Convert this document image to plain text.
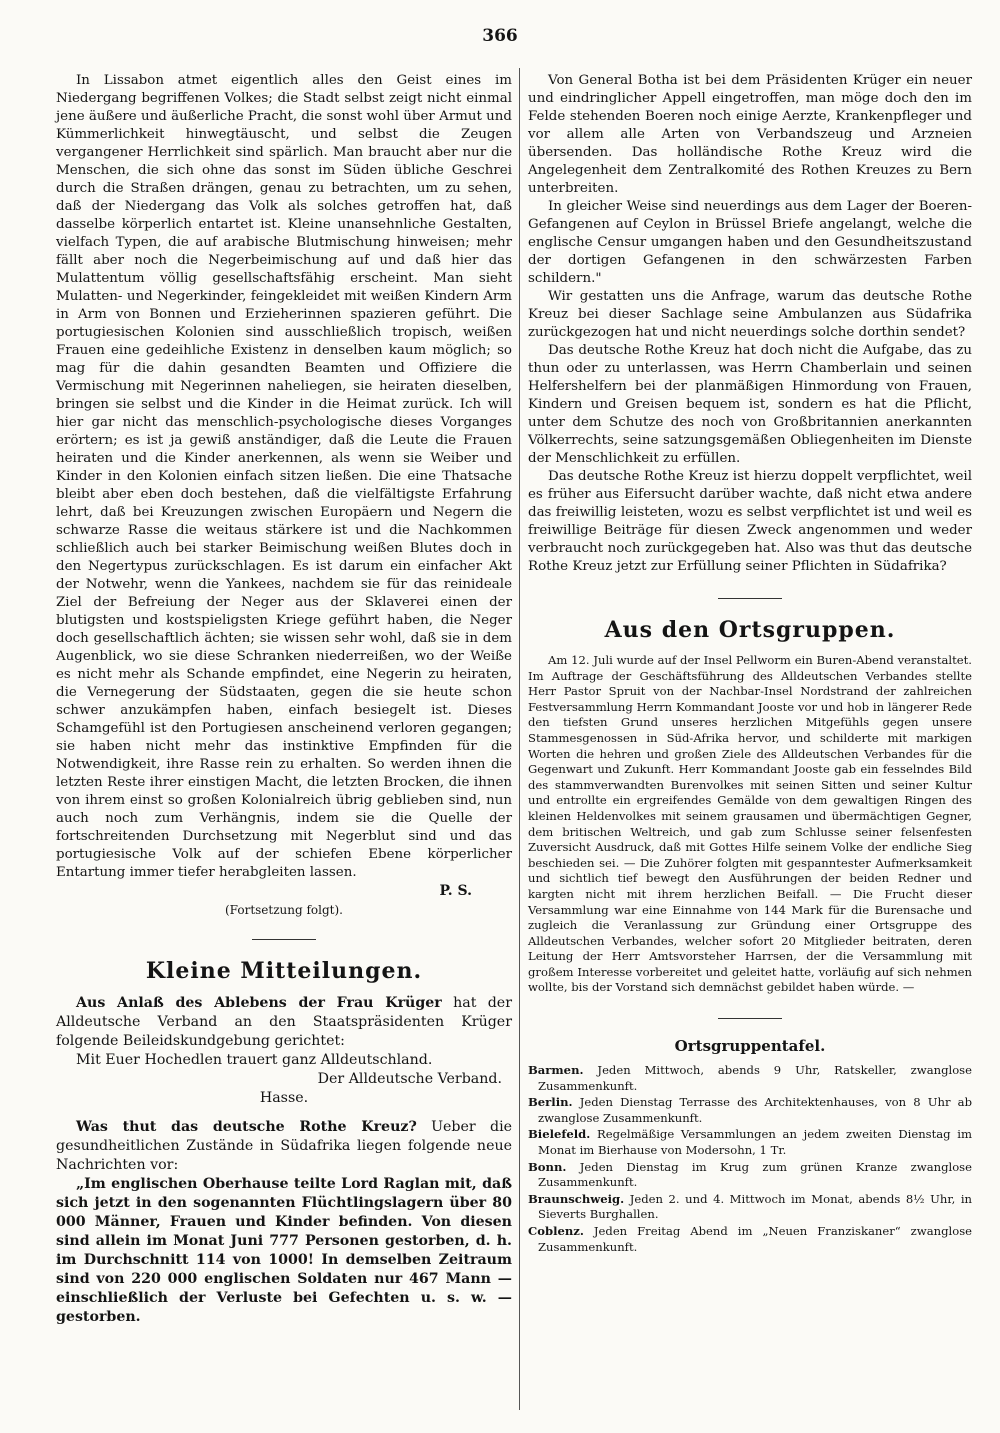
366

In Lissabon atmet eigentlich alles den Geist eines im Niedergang begriffenen Volkes; die Stadt selbst zeigt nicht einmal jene äußere und äußerliche Pracht, die sonst wohl über Armut und Kümmerlichkeit hinwegtäuscht, und selbst die Zeugen vergangener Herrlichkeit sind spärlich. Man braucht aber nur die Menschen, die sich ohne das sonst im Süden übliche Geschrei durch die Straßen drängen, genau zu betrachten, um zu sehen, daß der Niedergang das Volk als solches getroffen hat, daß dasselbe körperlich entartet ist. Kleine unansehnliche Gestalten, vielfach Typen, die auf arabische Blutmischung hinweisen; mehr fällt aber noch die Negerbeimischung auf und daß hier das Mulattentum völlig gesellschaftsfähig erscheint. Man sieht Mulatten- und Negerkinder, feingekleidet mit weißen Kindern Arm in Arm von Bonnen und Erzieherinnen spazieren geführt. Die portugiesischen Kolonien sind ausschließlich tropisch, weißen Frauen eine gedeihliche Existenz in denselben kaum möglich; so mag für die dahin gesandten Beamten und Offiziere die Vermischung mit Negerinnen naheliegen, sie heiraten dieselben, bringen sie selbst und die Kinder in die Heimat zurück. Ich will hier gar nicht das menschlich-psychologische dieses Vorganges erörtern; es ist ja gewiß anständiger, daß die Leute die Frauen heiraten und die Kinder anerkennen, als wenn sie Weiber und Kinder in den Kolonien einfach sitzen ließen. Die eine Thatsache bleibt aber eben doch bestehen, daß die vielfältigste Erfahrung lehrt, daß bei Kreuzungen zwischen Europäern und Negern die schwarze Rasse die weitaus stärkere ist und die Nachkommen schließlich auch bei starker Beimischung weißen Blutes doch in den Negertypus zurückschlagen. Es ist darum ein einfacher Akt der Notwehr, wenn die Yankees, nachdem sie für das reinideale Ziel der Befreiung der Neger aus der Sklaverei einen der blutigsten und kostspieligsten Kriege geführt haben, die Neger doch gesellschaftlich ächten; sie wissen sehr wohl, daß sie in dem Augenblick, wo sie diese Schranken niederreißen, wo der Weiße es nicht mehr als Schande empfindet, eine Negerin zu heiraten, die Vernegerung der Südstaaten, gegen die sie heute schon schwer anzukämpfen haben, einfach besiegelt ist. Dieses Schamgefühl ist den Portugiesen anscheinend verloren gegangen; sie haben nicht mehr das instinktive Empfinden für die Notwendigkeit, ihre Rasse rein zu erhalten. So werden ihnen die letzten Reste ihrer einstigen Macht, die letzten Brocken, die ihnen von ihrem einst so großen Kolonialreich übrig geblieben sind, nun auch noch zum Verhängnis, indem sie die Quelle der fortschreitenden Durchsetzung mit Negerblut sind und das portugiesische Volk auf der schiefen Ebene körperlicher Entartung immer tiefer herabgleiten lassen.

P. S.
(Fortsetzung folgt).
Kleine Mitteilungen.

Aus Anlaß des Ablebens der Frau Krüger hat der Alldeutsche Verband an den Staatspräsidenten Krüger folgende Beileidskundgebung gerichtet:

Mit Euer Hochedlen trauert ganz Alldeutschland.

Der Alldeutsche Verband.

Hasse.

Was thut das deutsche Rothe Kreuz? Ueber die gesundheitlichen Zustände in Südafrika liegen folgende neue Nachrichten vor:

„Im englischen Oberhause teilte Lord Raglan mit, daß sich jetzt in den sogenannten Flüchtlingslagern über 80 000 Männer, Frauen und Kinder befinden. Von diesen sind allein im Monat Juni 777 Personen gestorben, d. h. im Durchschnitt 114 von 1000! In demselben Zeitraum sind von 220 000 englischen Soldaten nur 467 Mann — einschließlich der Verluste bei Gefechten u. s. w. — gestorben.

Von General Botha ist bei dem Präsidenten Krüger ein neuer und eindringlicher Appell eingetroffen, man möge doch den im Felde stehenden Boeren noch einige Aerzte, Krankenpfleger und vor allem alle Arten von Verbandszeug und Arzneien übersenden. Das holländische Rothe Kreuz wird die Angelegenheit dem Zentralkomité des Rothen Kreuzes zu Bern unterbreiten.

In gleicher Weise sind neuerdings aus dem Lager der Boeren-Gefangenen auf Ceylon in Brüssel Briefe angelangt, welche die englische Censur umgangen haben und den Gesundheitszustand der dortigen Gefangenen in den schwärzesten Farben schildern."

Wir gestatten uns die Anfrage, warum das deutsche Rothe Kreuz bei dieser Sachlage seine Ambulanzen aus Südafrika zurückgezogen hat und nicht neuerdings solche dorthin sendet?

Das deutsche Rothe Kreuz hat doch nicht die Aufgabe, das zu thun oder zu unterlassen, was Herrn Chamberlain und seinen Helfershelfern bei der planmäßigen Hinmordung von Frauen, Kindern und Greisen bequem ist, sondern es hat die Pflicht, unter dem Schutze des noch von Großbritannien anerkannten Völkerrechts, seine satzungsgemäßen Obliegenheiten im Dienste der Menschlichkeit zu erfüllen.

Das deutsche Rothe Kreuz ist hierzu doppelt verpflichtet, weil es früher aus Eifersucht darüber wachte, daß nicht etwa andere das freiwillig leisteten, wozu es selbst verpflichtet ist und weil es freiwillige Beiträge für diesen Zweck angenommen und weder verbraucht noch zurückgegeben hat. Also was thut das deutsche Rothe Kreuz jetzt zur Erfüllung seiner Pflichten in Südafrika?

Aus den Ortsgruppen.

Am 12. Juli wurde auf der Insel Pellworm ein Buren-Abend veranstaltet. Im Auftrage der Geschäftsführung des Alldeutschen Verbandes stellte Herr Pastor Spruit von der Nachbar-Insel Nordstrand der zahlreichen Festversammlung Herrn Kommandant Jooste vor und hob in längerer Rede den tiefsten Grund unseres herzlichen Mitgefühls gegen unsere Stammesgenossen in Süd-Afrika hervor, und schilderte mit markigen Worten die hehren und großen Ziele des Alldeutschen Verbandes für die Gegenwart und Zukunft. Herr Kommandant Jooste gab ein fesselndes Bild des stammverwandten Burenvolkes mit seinen Sitten und seiner Kultur und entrollte ein ergreifendes Gemälde von dem gewaltigen Ringen des kleinen Heldenvolkes mit seinem grausamen und übermächtigen Gegner, dem britischen Weltreich, und gab zum Schlusse seiner felsenfesten Zuversicht Ausdruck, daß mit Gottes Hilfe seinem Volke der endliche Sieg beschieden sei. — Die Zuhörer folgten mit gespanntester Aufmerksamkeit und sichtlich tief bewegt den Ausführungen der beiden Redner und kargten nicht mit ihrem herzlichen Beifall. — Die Frucht dieser Versammlung war eine Einnahme von 144 Mark für die Burensache und zugleich die Veranlassung zur Gründung einer Ortsgruppe des Alldeutschen Verbandes, welcher sofort 20 Mitglieder beitraten, deren Leitung der Herr Amtsvorsteher Harrsen, der die Versammlung mit großem Interesse vorbereitet und geleitet hatte, vorläufig auf sich nehmen wollte, bis der Vorstand sich demnächst gebildet haben würde. —

Ortsgruppentafel.
Barmen. Jeden Mittwoch, abends 9 Uhr, Ratskeller, zwanglose Zusammenkunft.
Berlin. Jeden Dienstag Terrasse des Architektenhauses, von 8 Uhr ab zwanglose Zusammenkunft.
Bielefeld. Regelmäßige Versammlungen an jedem zweiten Dienstag im Monat im Bierhause von Modersohn, 1 Tr.
Bonn. Jeden Dienstag im Krug zum grünen Kranze zwanglose Zusammenkunft.
Braunschweig. Jeden 2. und 4. Mittwoch im Monat, abends 8½ Uhr, in Sieverts Burghallen.
Coblenz. Jeden Freitag Abend im „Neuen Franziskaner“ zwanglose Zusammenkunft.
